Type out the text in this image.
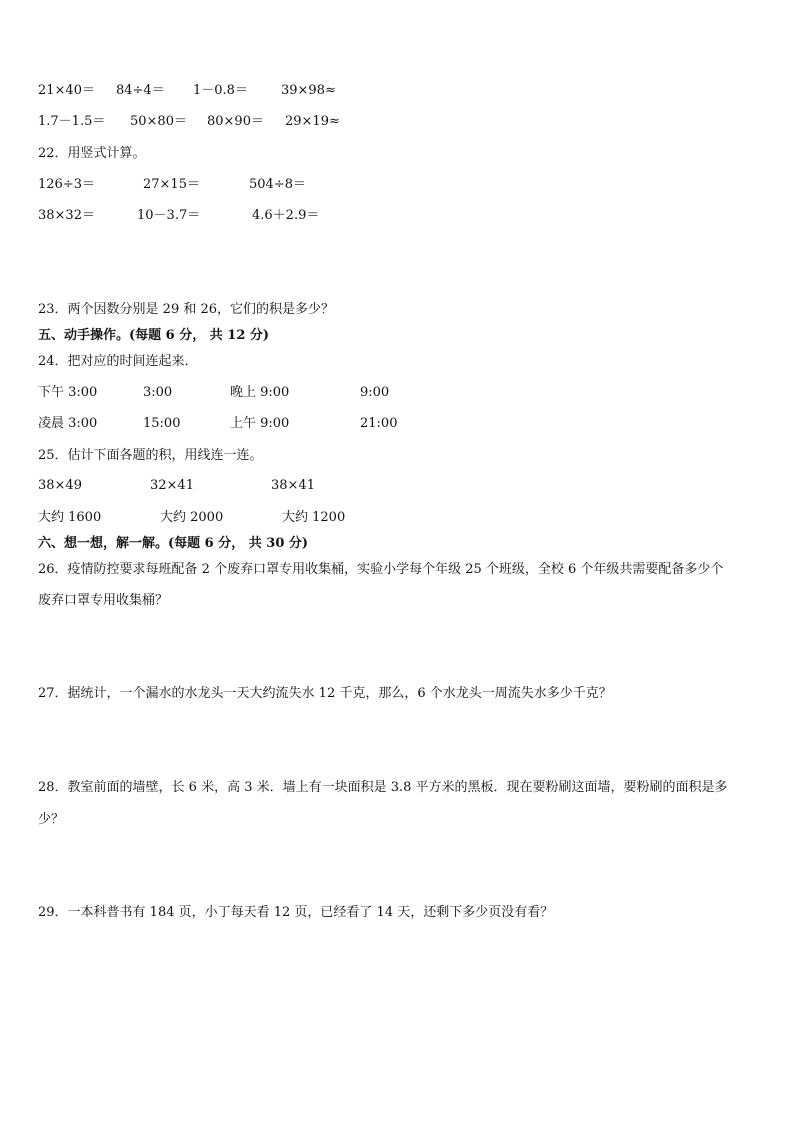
21×40＝ 84÷4＝ 1－0.8＝	39×98≈
1.7－1.5＝ 50×80＝ 80×90＝ 29×19≈
22．用竖式计算。
126÷3＝	27×15＝	504÷8＝
38×32＝	10－3.7＝	4.6＋2.9＝
23．两个因数分别是 29 和 26，它们的积是多少？
五、动手操作。(每题 6 分， 共 12 分)
24．把对应的时间连起来．
下午 3:00	3:00	晚上 9:00	9:00
凌晨 3:00	15:00	上午 9:00	21:00
25．估计下面各题的积，用线连一连。
38×49	32×41	38×41
大约 1600	大约 2000	大约 1200
六、想一想，解一解。(每题 6 分， 共 30 分)
26．疫情防控要求每班配备 2 个废弃口罩专用收集桶，实验小学每个年级 25 个班级，全校 6 个年级共需要配备多少个
废弃口罩专用收集桶？
27．据统计，一个漏水的水龙头一天大约流失水 12 千克，那么，6 个水龙头一周流失水多少千克？
28．教室前面的墙壁，长 6 米，高 3 米．墙上有一块面积是 3.8 平方米的黑板．现在要粉刷这面墙，要粉刷的面积是多
少？
29．一本科普书有 184 页，小丁每天看 12 页，已经看了 14 天，还剩下多少页没有看？
